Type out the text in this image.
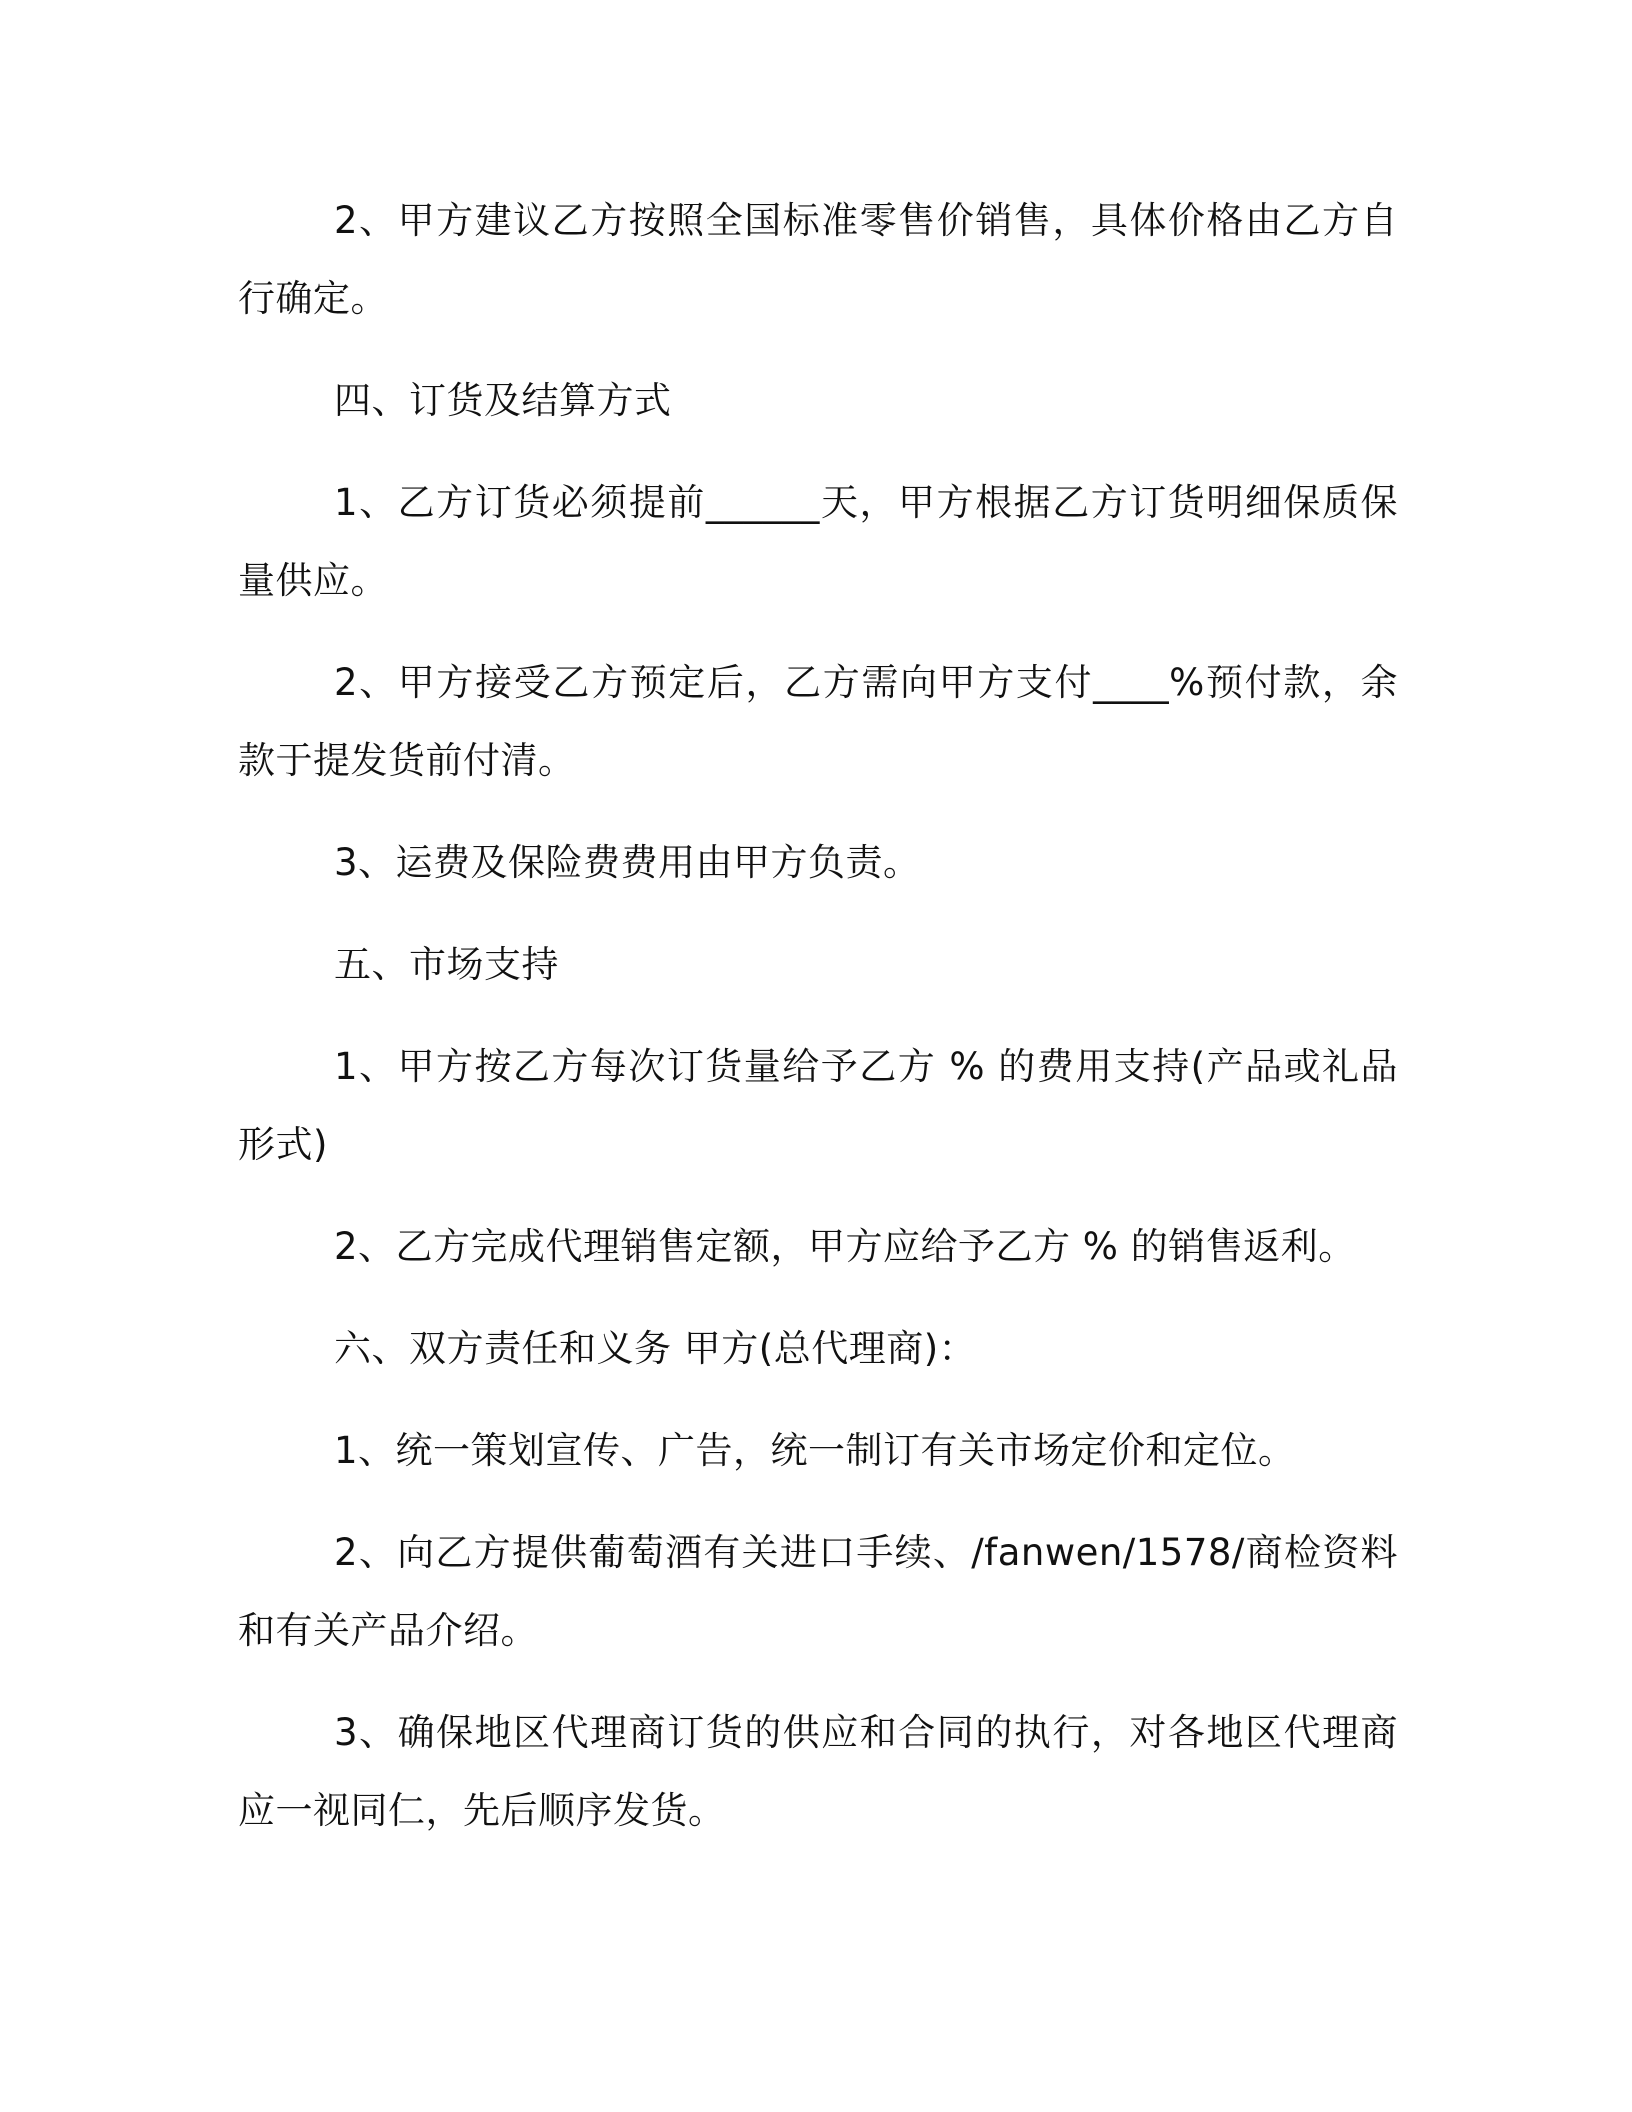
2、甲方建议乙方按照全国标准零售价销售，具体价格由乙方自行确定。

四、订货及结算方式

1、乙方订货必须提前______天，甲方根据乙方订货明细保质保量供应。

2、甲方接受乙方预定后，乙方需向甲方支付____%预付款，余款于提发货前付清。

3、运费及保险费费用由甲方负责。

五、市场支持

1、甲方按乙方每次订货量给予乙方 % 的费用支持(产品或礼品形式)

2、乙方完成代理销售定额，甲方应给予乙方 % 的销售返利。

六、双方责任和义务 甲方(总代理商)：

1、统一策划宣传、广告，统一制订有关市场定价和定位。

2、向乙方提供葡萄酒有关进口手续、/fanwen/1578/商检资料和有关产品介绍。

3、确保地区代理商订货的供应和合同的执行，对各地区代理商应一视同仁，先后顺序发货。
